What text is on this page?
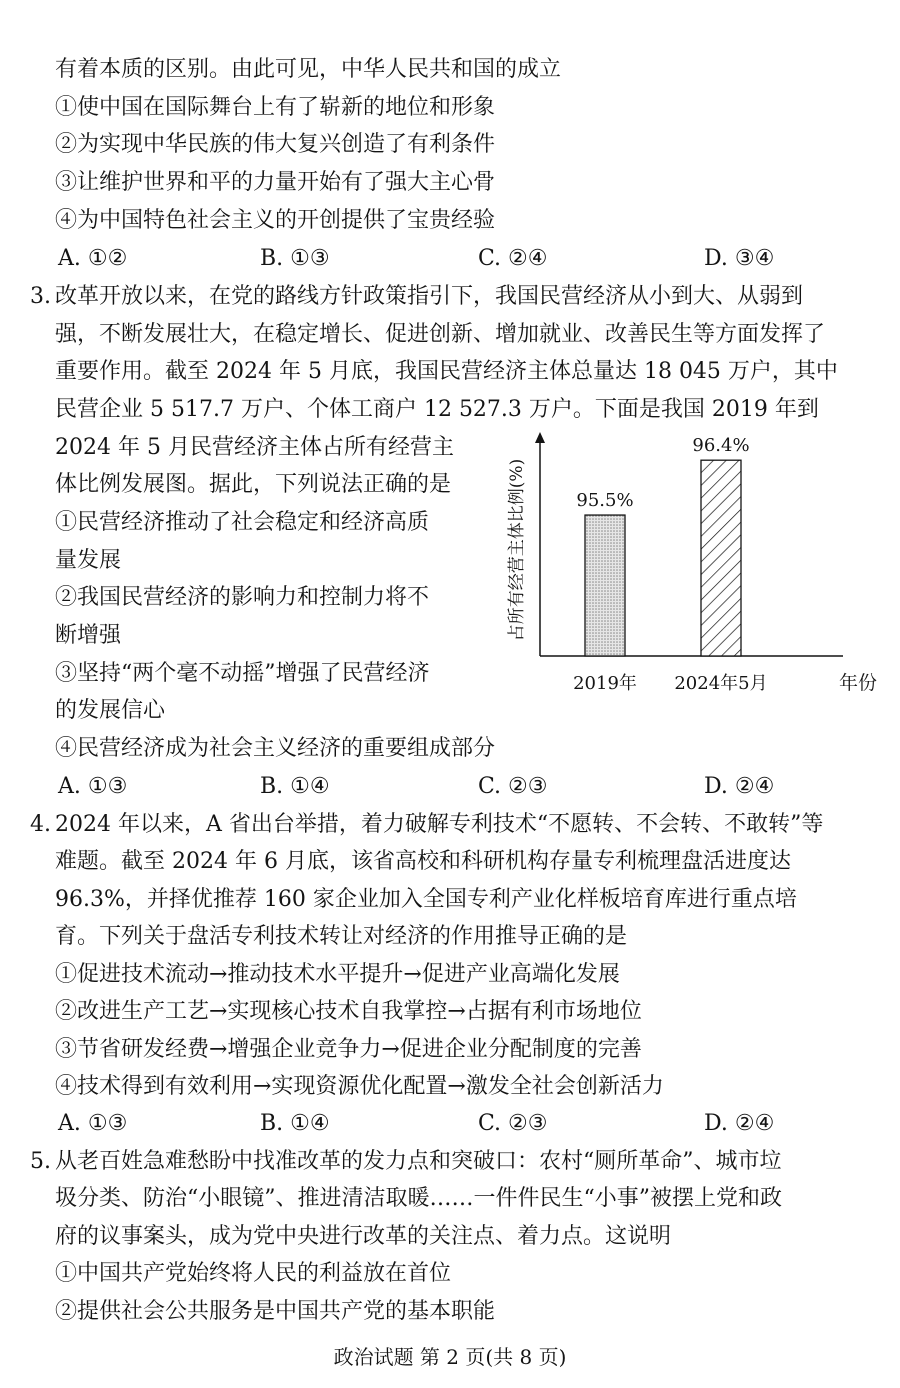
有着本质的区别。由此可见，中华人民共和国的成立
①使中国在国际舞台上有了崭新的地位和形象
②为实现中华民族的伟大复兴创造了有利条件
③让维护世界和平的力量开始有了强大主心骨
④为中国特色社会主义的开创提供了宝贵经验
A. ①②	B. ①③	C. ②④	D. ③④
3. 改革开放以来，在党的路线方针政策指引下，我国民营经济从小到大、从弱到
强，不断发展壮大，在稳定增长、促进创新、增加就业、改善民生等方面发挥了
重要作用。截至 2024 年 5 月底，我国民营经济主体总量达 18 045 万户，其中
民营企业 5 517.7 万户、个体工商户 12 527.3 万户。下面是我国 2019 年到
2024 年 5 月民营经济主体占所有经营主
体比例发展图。据此，下列说法正确的是
①民营经济推动了社会稳定和经济高质
量发展
②我国民营经济的影响力和控制力将不
断增强
③坚持“两个毫不动摇”增强了民营经济
的发展信心
④民营经济成为社会主义经济的重要组成部分
A. ①③	B. ①④	C. ②③	D. ②④
占所有经营主体比例(%)
年份
95.5%
2019年
96.4%
2024年5月
4. 2024 年以来，A 省出台举措，着力破解专利技术“不愿转、不会转、不敢转”等
难题。截至 2024 年 6 月底，该省高校和科研机构存量专利梳理盘活进度达
96.3%，并择优推荐 160 家企业加入全国专利产业化样板培育库进行重点培
育。下列关于盘活专利技术转让对经济的作用推导正确的是
①促进技术流动→推动技术水平提升→促进产业高端化发展
②改进生产工艺→实现核心技术自我掌控→占据有利市场地位
③节省研发经费→增强企业竞争力→促进企业分配制度的完善
④技术得到有效利用→实现资源优化配置→激发全社会创新活力
A. ①③	B. ①④	C. ②③	D. ②④
5. 从老百姓急难愁盼中找准改革的发力点和突破口：农村“厕所革命”、城市垃
圾分类、防治“小眼镜”、推进清洁取暖……一件件民生“小事”被摆上党和政
府的议事案头，成为党中央进行改革的关注点、着力点。这说明
①中国共产党始终将人民的利益放在首位
②提供社会公共服务是中国共产党的基本职能
政治试题 第 2 页(共 8 页)
